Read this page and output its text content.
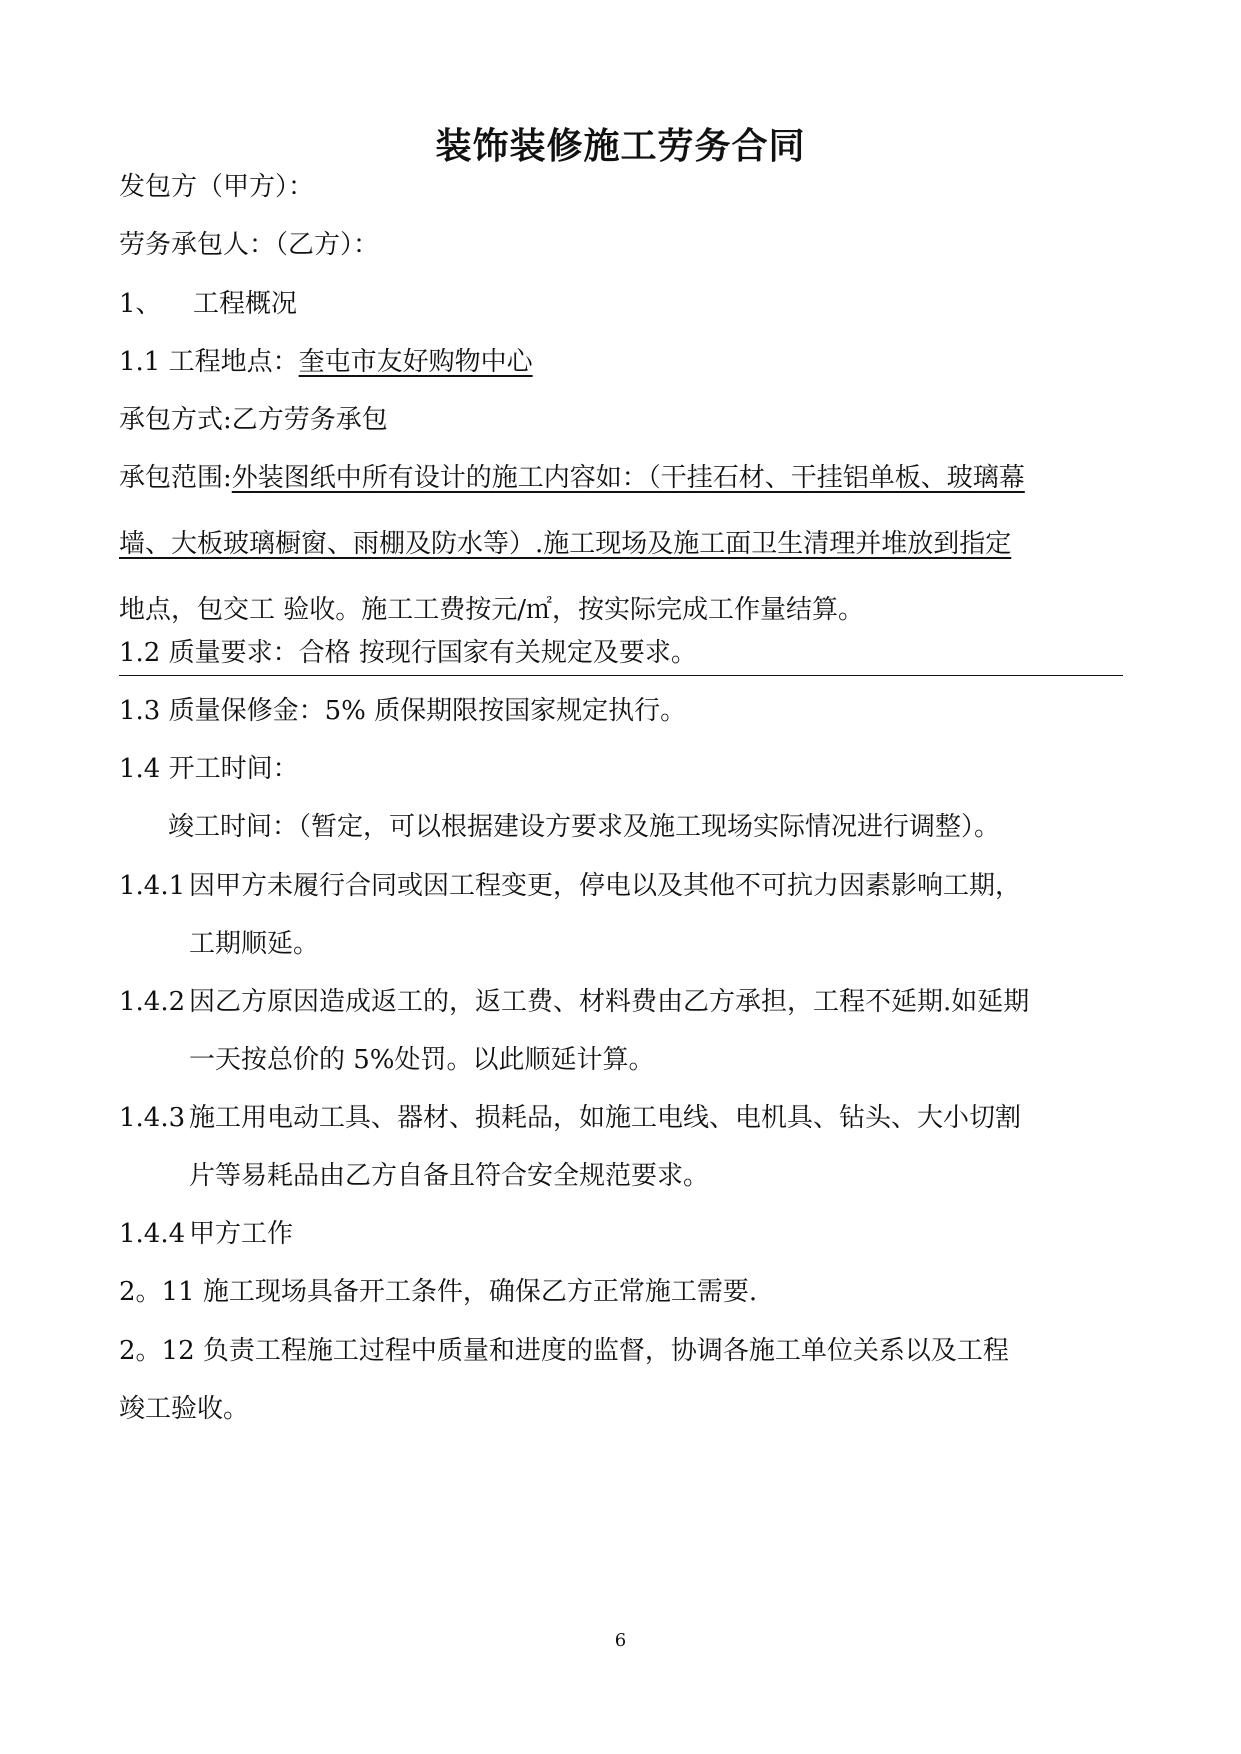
装饰装修施工劳务合同
发包方（甲方）：
劳务承包人：（乙方）：
1、 工程概况
1.1 工程地点：奎屯市友好购物中心
承包方式:乙方劳务承包
承包范围:外装图纸中所有设计的施工内容如：（干挂石材、干挂铝单板、玻璃幕
墙、大板玻璃橱窗、雨棚及防水等）.施工现场及施工面卫生清理并堆放到指定
地点，包交工 验收。施工工费按元/㎡，按实际完成工作量结算。
1.2 质量要求：合格 按现行国家有关规定及要求。
1.3 质量保修金：5% 质保期限按国家规定执行。
1.4 开工时间：
竣工时间：（暂定，可以根据建设方要求及施工现场实际情况进行调整）。
1.4.1 因甲方未履行合同或因工程变更，停电以及其他不可抗力因素影响工期，
工期顺延。
1.4.2 因乙方原因造成返工的，返工费、材料费由乙方承担，工程不延期.如延期
一天按总价的 5%处罚。以此顺延计算。
1.4.3 施工用电动工具、器材、损耗品，如施工电线、电机具、钻头、大小切割
片等易耗品由乙方自备且符合安全规范要求。
1.4.4 甲方工作
2。11 施工现场具备开工条件，确保乙方正常施工需要.
2。12 负责工程施工过程中质量和进度的监督，协调各施工单位关系以及工程
竣工验收。
6
